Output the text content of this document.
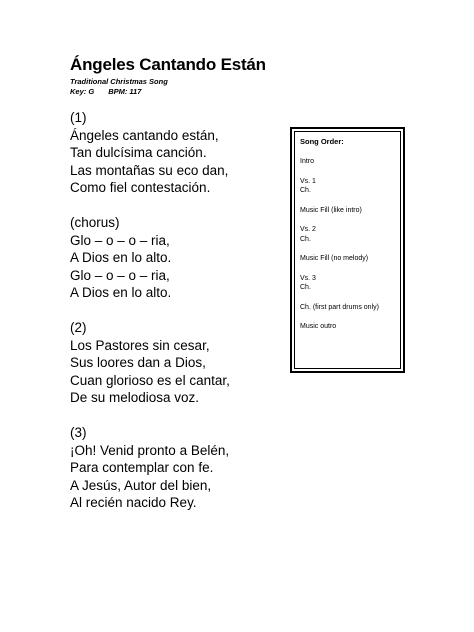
Ángeles Cantando Están
Traditional Christmas Song
Key: G BPM: 117
(1)
Ángeles cantando están,
Tan dulcísima canción.
Las montañas su eco dan,
Como fiel contestación.
(chorus)
Glo – o – o – ria,
A Dios en lo alto.
Glo – o – o – ria,
A Dios en lo alto.
(2)
Los Pastores sin cesar,
Sus loores dan a Dios,
Cuan glorioso es el cantar,
De su melodiosa voz.
(3)
¡Oh! Venid pronto a Belén,
Para contemplar con fe.
A Jesús, Autor del bien,
Al recién nacido Rey.
Song Order:
Intro
Vs. 1
Ch.
Music Fill (like intro)
Vs. 2
Ch.
Music Fill (no melody)
Vs. 3
Ch.
Ch. (first part drums only)
Music outro
